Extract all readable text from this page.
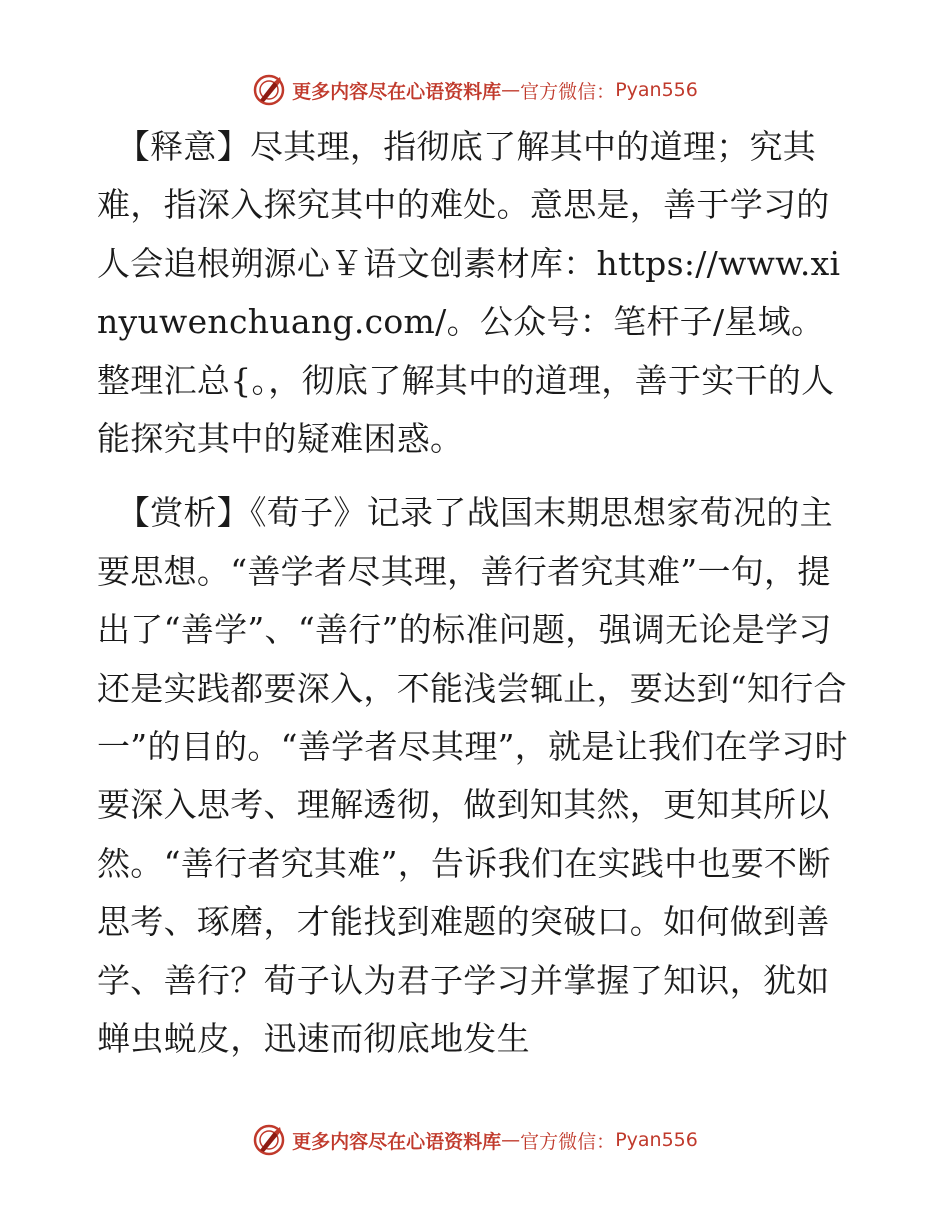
更多内容尽在心语资料库 — 官方微信： Pyan556

【释意】尽其理，指彻底了解其中的道理；究其难，指深入探究其中的难处。意思是，善于学习的人会追根朔源心￥语文创素材库：https://www.xinyuwenchuang.com/。公众号：笔杆子/星域。整理汇总{。，彻底了解其中的道理，善于实干的人能探究其中的疑难困惑。

【赏析】《荀子》记录了战国末期思想家荀况的主要思想。“善学者尽其理，善行者究其难”一句，提出了“善学”、“善行”的标准问题，强调无论是学习还是实践都要深入，不能浅尝辄止，要达到“知行合一”的目的。“善学者尽其理”，就是让我们在学习时要深入思考、理解透彻，做到知其然，更知其所以然。“善行者究其难”，告诉我们在实践中也要不断思考、琢磨，才能找到难题的突破口。如何做到善学、善行？荀子认为君子学习并掌握了知识，犹如蝉虫蜕皮，迅速而彻底地发生

更多内容尽在心语资料库 — 官方微信： Pyan556
